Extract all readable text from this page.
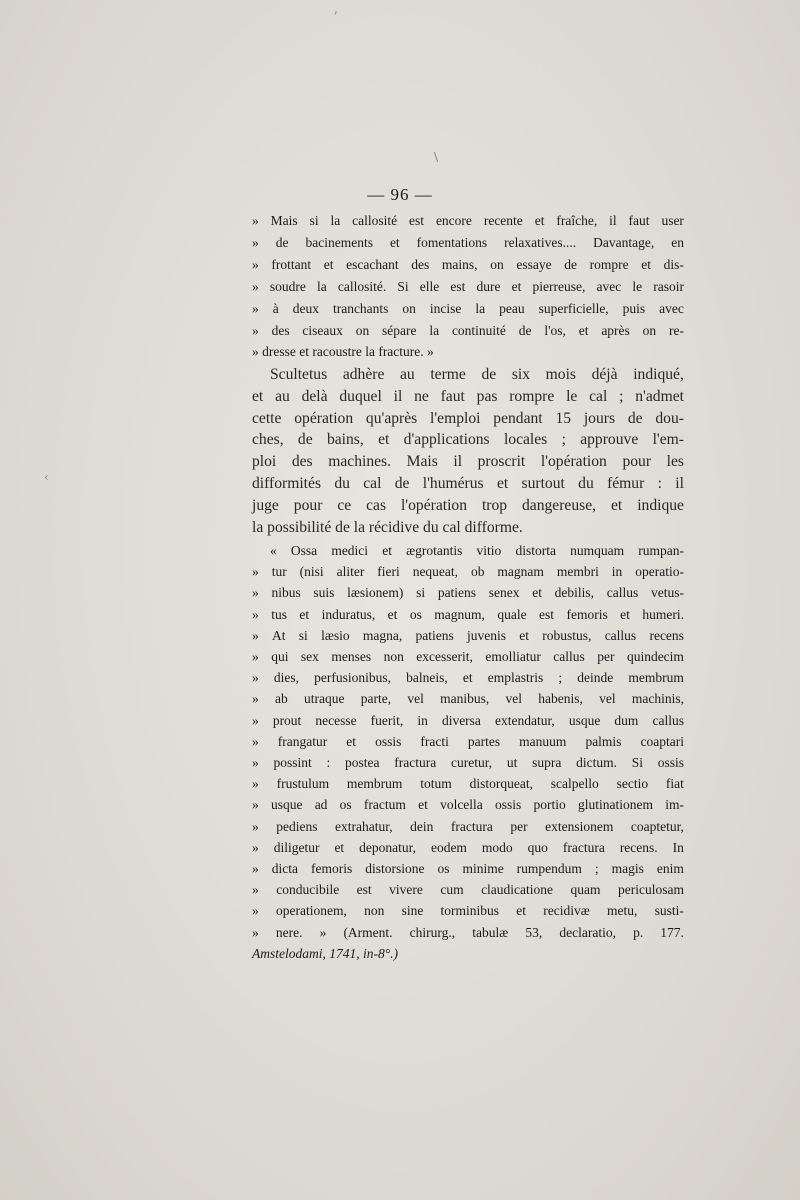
,
\
‹
— 96 —
» Mais si la callosité est encore recente et fraîche, il faut user
» de bacinements et fomentations relaxatives.... Davantage, en
» frottant et escachant des mains, on essaye de rompre et dis-
» soudre la callosité. Si elle est dure et pierreuse, avec le rasoir
» à deux tranchants on incise la peau superficielle, puis avec
» des ciseaux on sépare la continuité de l'os, et après on re-
» dresse et racoustre la fracture. »
Scultetus adhère au terme de six mois déjà indiqué,
et au delà duquel il ne faut pas rompre le cal ; n'admet
cette opération qu'après l'emploi pendant 15 jours de dou-
ches, de bains, et d'applications locales ; approuve l'em-
ploi des machines. Mais il proscrit l'opération pour les
difformités du cal de l'humérus et surtout du fémur : il
juge pour ce cas l'opération trop dangereuse, et indique
la possibilité de la récidive du cal difforme.
« Ossa medici et ægrotantis vitio distorta numquam rumpan-
» tur (nisi aliter fieri nequeat, ob magnam membri in operatio-
» nibus suis læsionem) si patiens senex et debilis, callus vetus-
» tus et induratus, et os magnum, quale est femoris et humeri.
» At si læsio magna, patiens juvenis et robustus, callus recens
» qui sex menses non excesserit, emolliatur callus per quindecim
» dies, perfusionibus, balneis, et emplastris ; deinde membrum
» ab utraque parte, vel manibus, vel habenis, vel machinis,
» prout necesse fuerit, in diversa extendatur, usque dum callus
» frangatur et ossis fracti partes manuum palmis coaptari
» possint : postea fractura curetur, ut supra dictum. Si ossis
» frustulum membrum totum distorqueat, scalpello sectio fiat
» usque ad os fractum et volcella ossis portio glutinationem im-
» pediens extrahatur, dein fractura per extensionem coaptetur,
» diligetur et deponatur, eodem modo quo fractura recens. In
» dicta femoris distorsione os minime rumpendum ; magis enim
» conducibile est vivere cum claudicatione quam periculosam
» operationem, non sine torminibus et recidivæ metu, susti-
» nere. » (Arment. chirurg., tabulæ 53, declaratio, p. 177.
Amstelodami, 1741, in-8°.)
